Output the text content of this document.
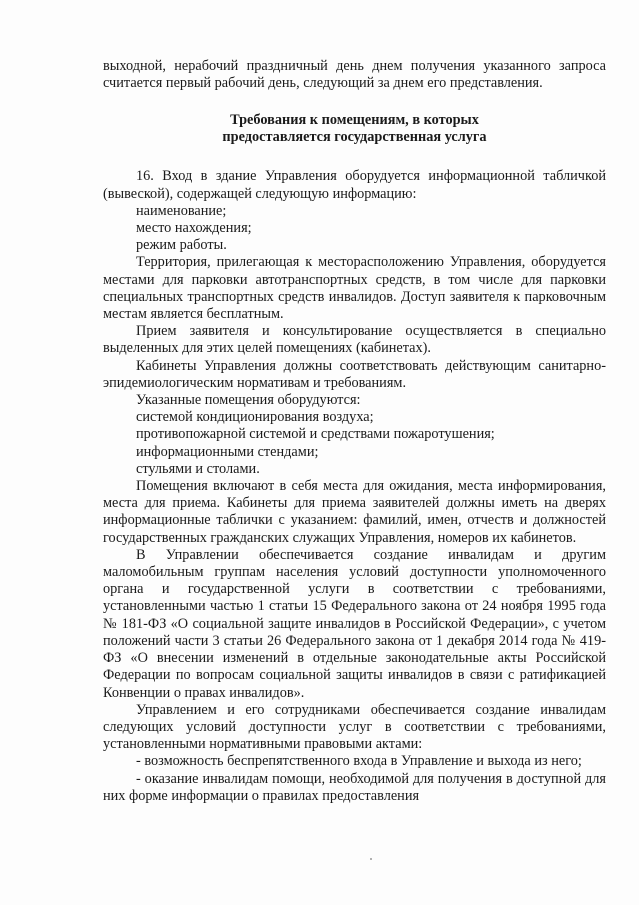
выходной, нерабочий праздничный день днем получения указанного запроса считается первый рабочий день, следующий за днем его представления.

Требования к помещениям, в которых
предоставляется государственная услуга

16. Вход в здание Управления оборудуется информационной табличкой (вывеской), содержащей следующую информацию:

наименование;

место нахождения;

режим работы.

Территория, прилегающая к месторасположению Управления, оборудуется местами для парковки автотранспортных средств, в том числе для парковки специальных транспортных средств инвалидов. Доступ заявителя к парковочным местам является бесплатным.

Прием заявителя и консультирование осуществляется в специально выделенных для этих целей помещениях (кабинетах).

Кабинеты Управления должны соответствовать действующим санитарно-эпидемиологическим нормативам и требованиям.

Указанные помещения оборудуются:

системой кондиционирования воздуха;

противопожарной системой и средствами пожаротушения;

информационными стендами;

стульями и столами.

Помещения включают в себя места для ожидания, места информирования, места для приема. Кабинеты для приема заявителей должны иметь на дверях информационные таблички с указанием: фамилий, имен, отчеств и должностей государственных гражданских служащих Управления, номеров их кабинетов.

В Управлении обеспечивается создание инвалидам и другим маломобильным группам населения условий доступности уполномоченного органа и государственной услуги в соответствии с требованиями, установленными частью 1 статьи 15 Федерального закона от 24 ноября 1995 года № 181-ФЗ «О социальной защите инвалидов в Российской Федерации», с учетом положений части 3 статьи 26 Федерального закона от 1 декабря 2014 года № 419-ФЗ «О внесении изменений в отдельные законодательные акты Российской Федерации по вопросам социальной защиты инвалидов в связи с ратификацией Конвенции о правах инвалидов».

Управлением и его сотрудниками обеспечивается создание инвалидам следующих условий доступности услуг в соответствии с требованиями, установленными нормативными правовыми актами:

- возможность беспрепятственного входа в Управление и выхода из него;

- оказание инвалидам помощи, необходимой для получения в доступной для них форме информации о правилах предоставления
